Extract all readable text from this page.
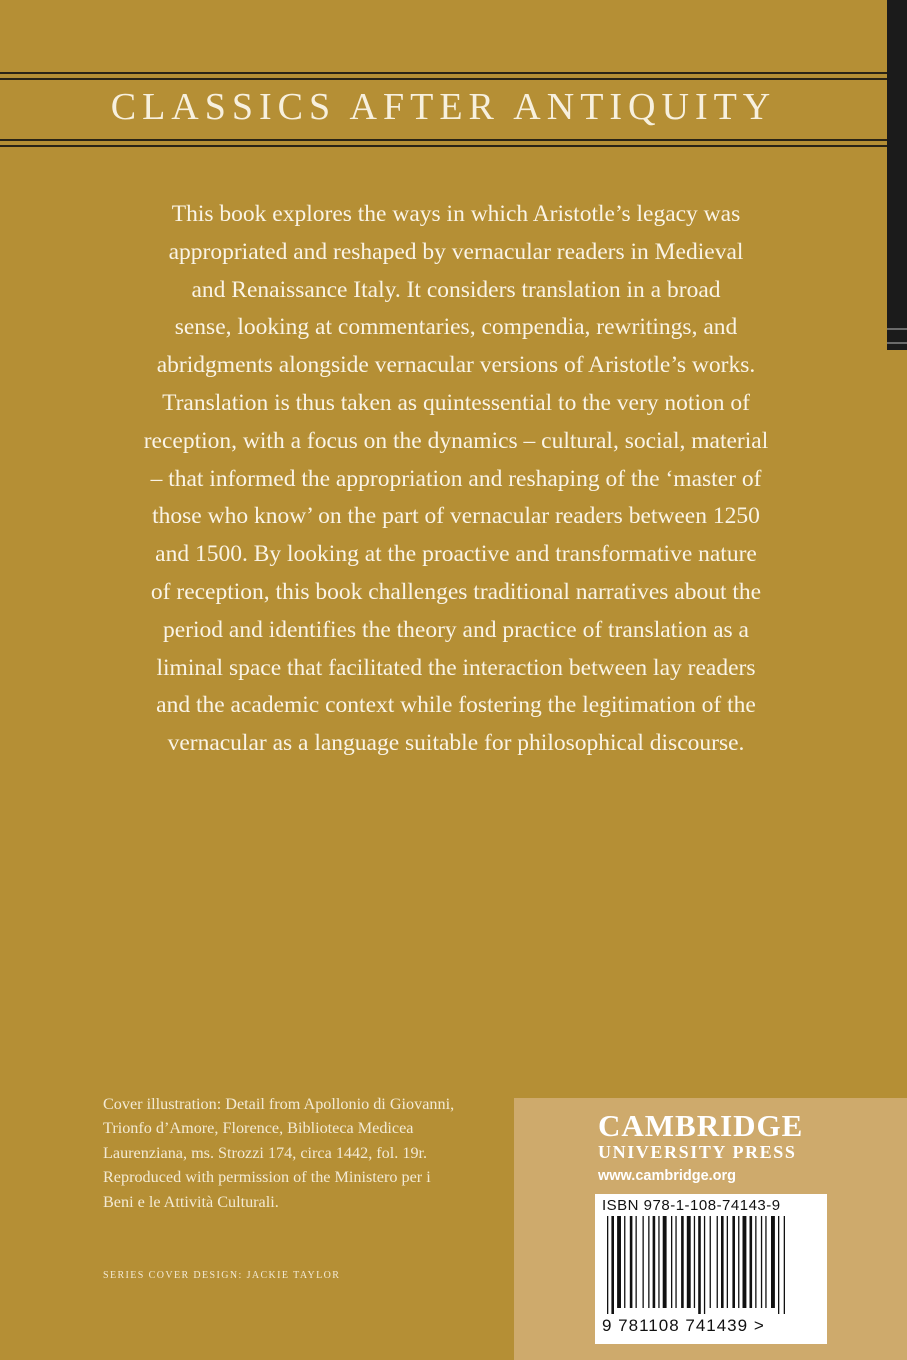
CLASSICS AFTER ANTIQUITY
This book explores the ways in which Aristotle’s legacy was
appropriated and reshaped by vernacular readers in Medieval
and Renaissance Italy. It considers translation in a broad
sense, looking at commentaries, compendia, rewritings, and
abridgments alongside vernacular versions of Aristotle’s works.
Translation is thus taken as quintessential to the very notion of
reception, with a focus on the dynamics – cultural, social, material
– that informed the appropriation and reshaping of the ‘master of
those who know’ on the part of vernacular readers between 1250
and 1500. By looking at the proactive and transformative nature
of reception, this book challenges traditional narratives about the
period and identifies the theory and practice of translation as a
liminal space that facilitated the interaction between lay readers
and the academic context while fostering the legitimation of the
vernacular as a language suitable for philosophical discourse.
Cover illustration: Detail from Apollonio di Giovanni,
Trionfo d’Amore, Florence, Biblioteca Medicea
Laurenziana, ms. Strozzi 174, circa 1442, fol. 19r.
Reproduced with permission of the Ministero per i
Beni e le Attività Culturali.
SERIES COVER DESIGN: JACKIE TAYLOR
CAMBRIDGE
UNIVERSITY PRESS
www.cambridge.org
ISBN 978-1-108-74143-9
9 781108 741439 >
